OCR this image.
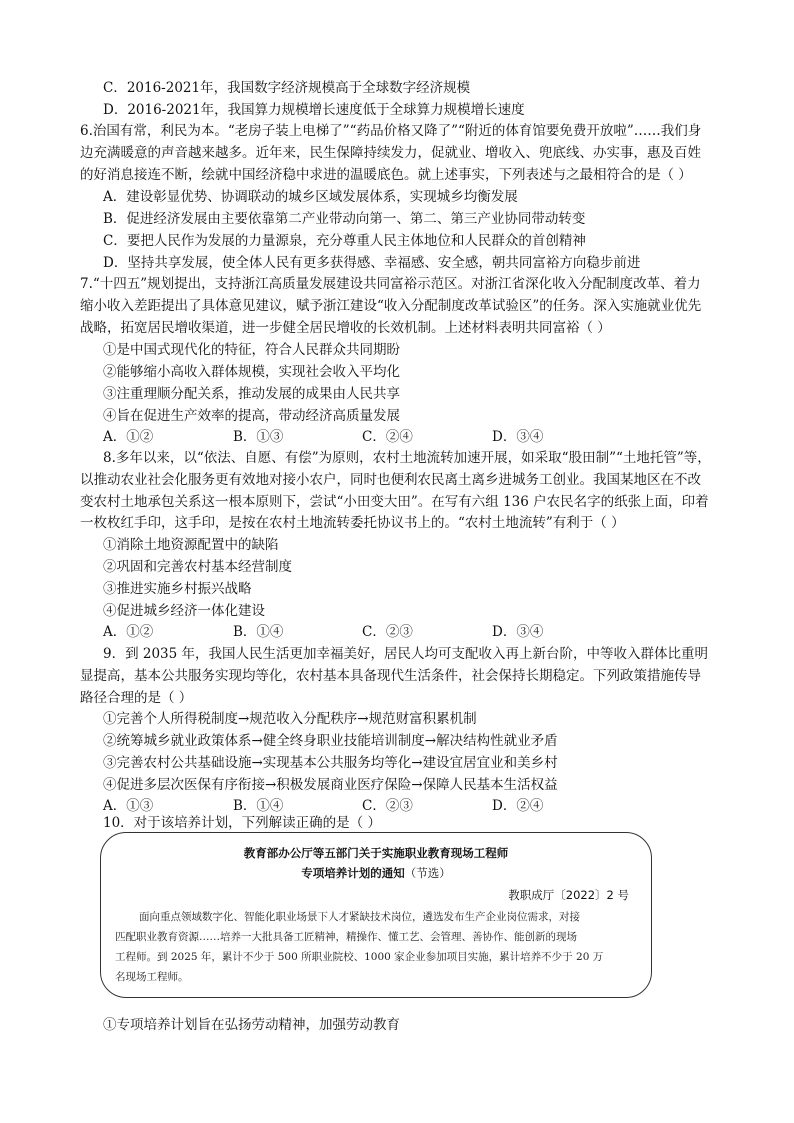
C．2016-2021年，我国数字经济规模高于全球数字经济规模
D．2016-2021年，我国算力规模增长速度低于全球算力规模增长速度
6.治国有常，利民为本。“老房子装上电梯了”“药品价格又降了”“附近的体育馆要免费开放啦”……我们身
边充满暖意的声音越来越多。近年来，民生保障持续发力，促就业、增收入、兜底线、办实事，惠及百姓
的好消息接连不断，绘就中国经济稳中求进的温暖底色。就上述事实，下列表述与之最相符合的是（ ）
A．建设彰显优势、协调联动的城乡区域发展体系，实现城乡均衡发展
B．促进经济发展由主要依靠第二产业带动向第一、第二、第三产业协同带动转变
C．要把人民作为发展的力量源泉，充分尊重人民主体地位和人民群众的首创精神
D．坚持共享发展，使全体人民有更多获得感、幸福感、安全感，朝共同富裕方向稳步前进
7.“十四五”规划提出，支持浙江高质量发展建设共同富裕示范区。对浙江省深化收入分配制度改革、着力
缩小收入差距提出了具体意见建议，赋予浙江建设“收入分配制度改革试验区”的任务。深入实施就业优先
战略，拓宽居民增收渠道，进一步健全居民增收的长效机制。上述材料表明共同富裕（ ）
①是中国式现代化的特征，符合人民群众共同期盼
②能够缩小高收入群体规模，实现社会收入平均化
③注重理顺分配关系，推动发展的成果由人民共享
④旨在促进生产效率的提高，带动经济高质量发展
A．①②	B．①③	C．②④	D．③④
8.多年以来，以“依法、自愿、有偿”为原则，农村土地流转加速开展，如采取“股田制”“土地托管”等，
以推动农业社会化服务更有效地对接小农户，同时也便利农民离土离乡进城务工创业。我国某地区在不改
变农村土地承包关系这一根本原则下，尝试“小田变大田”。在写有六组 136 户农民名字的纸张上面，印着
一枚枚红手印，这手印，是按在农村土地流转委托协议书上的。“农村土地流转”有利于（ ）
①消除土地资源配置中的缺陷
②巩固和完善农村基本经营制度
③推进实施乡村振兴战略
④促进城乡经济一体化建设
A．①②	B．①④	C．②③	D．③④
9．到 2035 年，我国人民生活更加幸福美好，居民人均可支配收入再上新台阶，中等收入群体比重明
显提高，基本公共服务实现均等化，农村基本具备现代生活条件，社会保持长期稳定。下列政策措施传导
路径合理的是（ ）
①完善个人所得税制度→规范收入分配秩序→规范财富积累机制
②统筹城乡就业政策体系→健全终身职业技能培训制度→解决结构性就业矛盾
③完善农村公共基础设施→实现基本公共服务均等化→建设宜居宜业和美乡村
④促进多层次医保有序衔接→积极发展商业医疗保险→保障人民基本生活权益
A．①③	B．①④	C．②③	D．②④
10．对于该培养计划，下列解读正确的是（ ）
教育部办公厅等五部门关于实施职业教育现场工程师
专项培养计划的通知（节选）
教职成厅〔2022〕2 号
面向重点领域数字化、智能化职业场景下人才紧缺技术岗位，遴选发布生产企业岗位需求，对接
匹配职业教育资源……培养一大批具备工匠精神，精操作、懂工艺、会管理、善协作、能创新的现场
工程师。到 2025 年，累计不少于 500 所职业院校、1000 家企业参加项目实施，累计培养不少于 20 万
名现场工程师。
①专项培养计划旨在弘扬劳动精神，加强劳动教育
